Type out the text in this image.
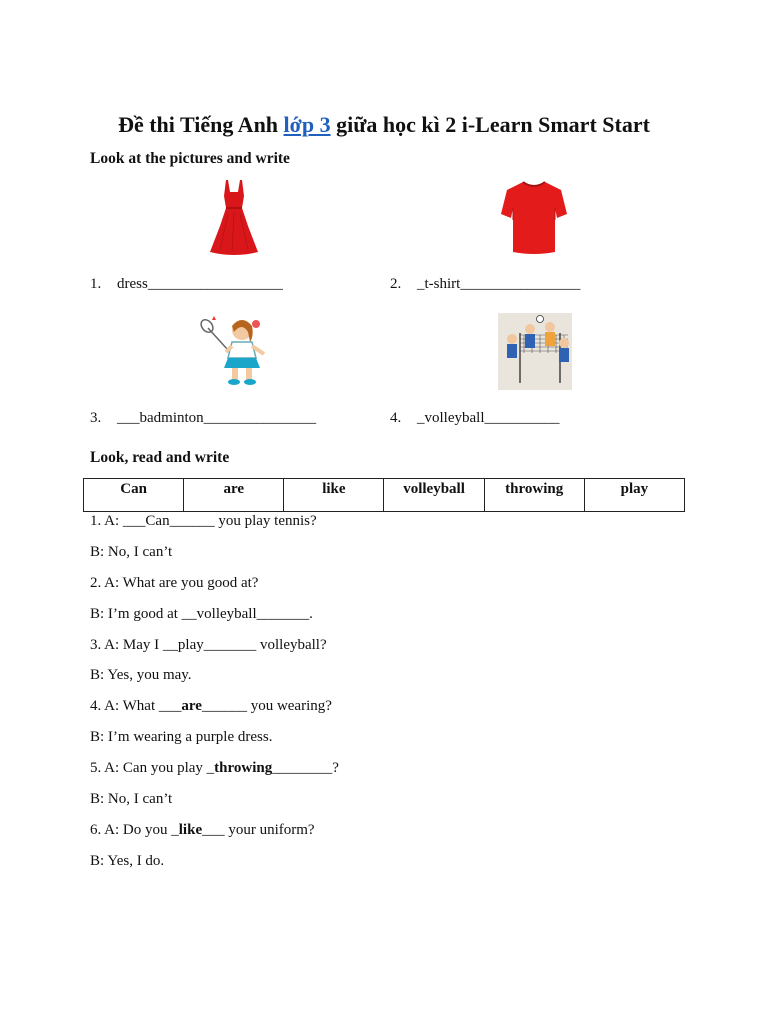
Đề thi Tiếng Anh lớp 3 giữa học kì 2 i-Learn Smart Start
Look at the pictures and write
1. dress__________________	2. _t-shirt________________
3. ___badminton_______________	4. _volleyball__________
Look, read and write
Can	are	like	volleyball	throwing	play
1. A: ___Can______ you play tennis?
B: No, I can’t
2. A: What are you good at?
B: I’m good at __volleyball_______.
3. A: May I __play_______ volleyball?
B: Yes, you may.
4. A: What ___are______ you wearing?
B: I’m wearing a purple dress.
5. A: Can you play _throwing________?
B: No, I can’t
6. A: Do you _like___ your uniform?
B: Yes, I do.
